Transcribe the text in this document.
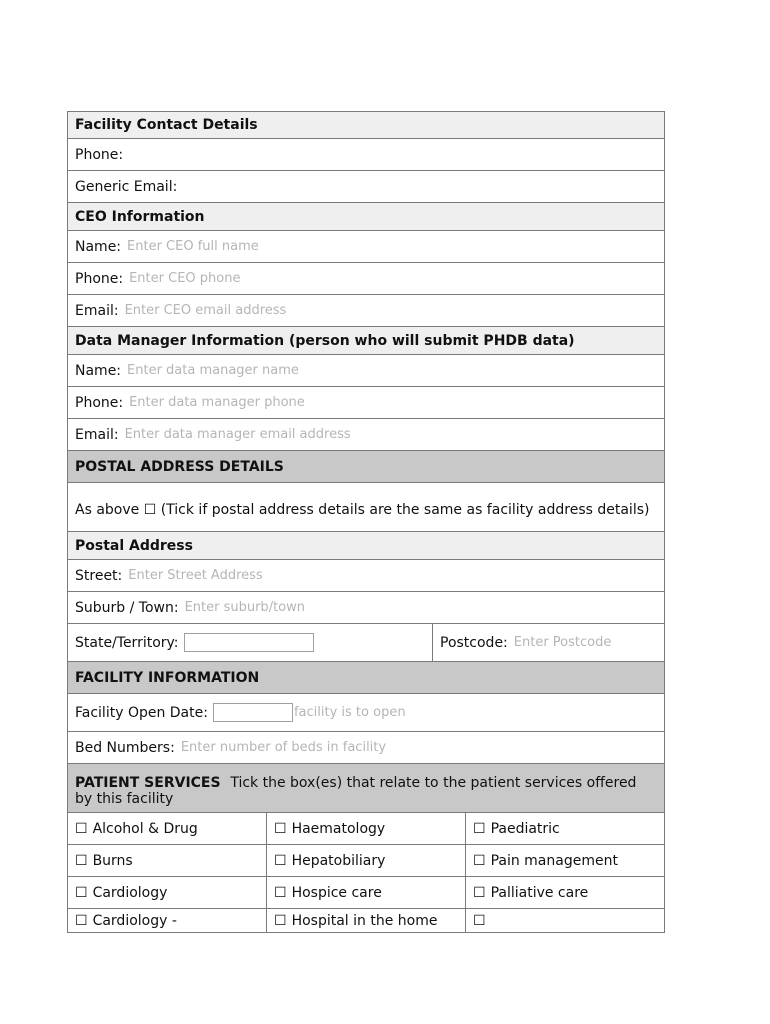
Facility Contact Details
Phone:
Generic Email:
CEO Information
Name: Enter CEO full name
Phone: Enter CEO phone
Email: Enter CEO email address
Data Manager Information (person who will submit PHDB data)
Name: Enter data manager name
Phone: Enter data manager phone
Email: Enter data manager email address
POSTAL ADDRESS DETAILS
As above ☐ (Tick if postal address details are the same as facility address details)
Postal Address
Street: Enter Street Address
Suburb / Town: Enter suburb/town
State/Territory:	Postcode: Enter Postcode
FACILITY INFORMATION
Facility Open Date:	facility is to open
Bed Numbers: Enter number of beds in facility
PATIENT SERVICES Tick the box(es) that relate to the patient services offered by this facility
☐ Alcohol & Drug	☐ Haematology	☐ Paediatric
☐ Burns	☐ Hepatobiliary	☐ Pain management
☐ Cardiology	☐ Hospice care	☐ Palliative care
☐ Cardiology -	☐ Hospital in the home	☐
